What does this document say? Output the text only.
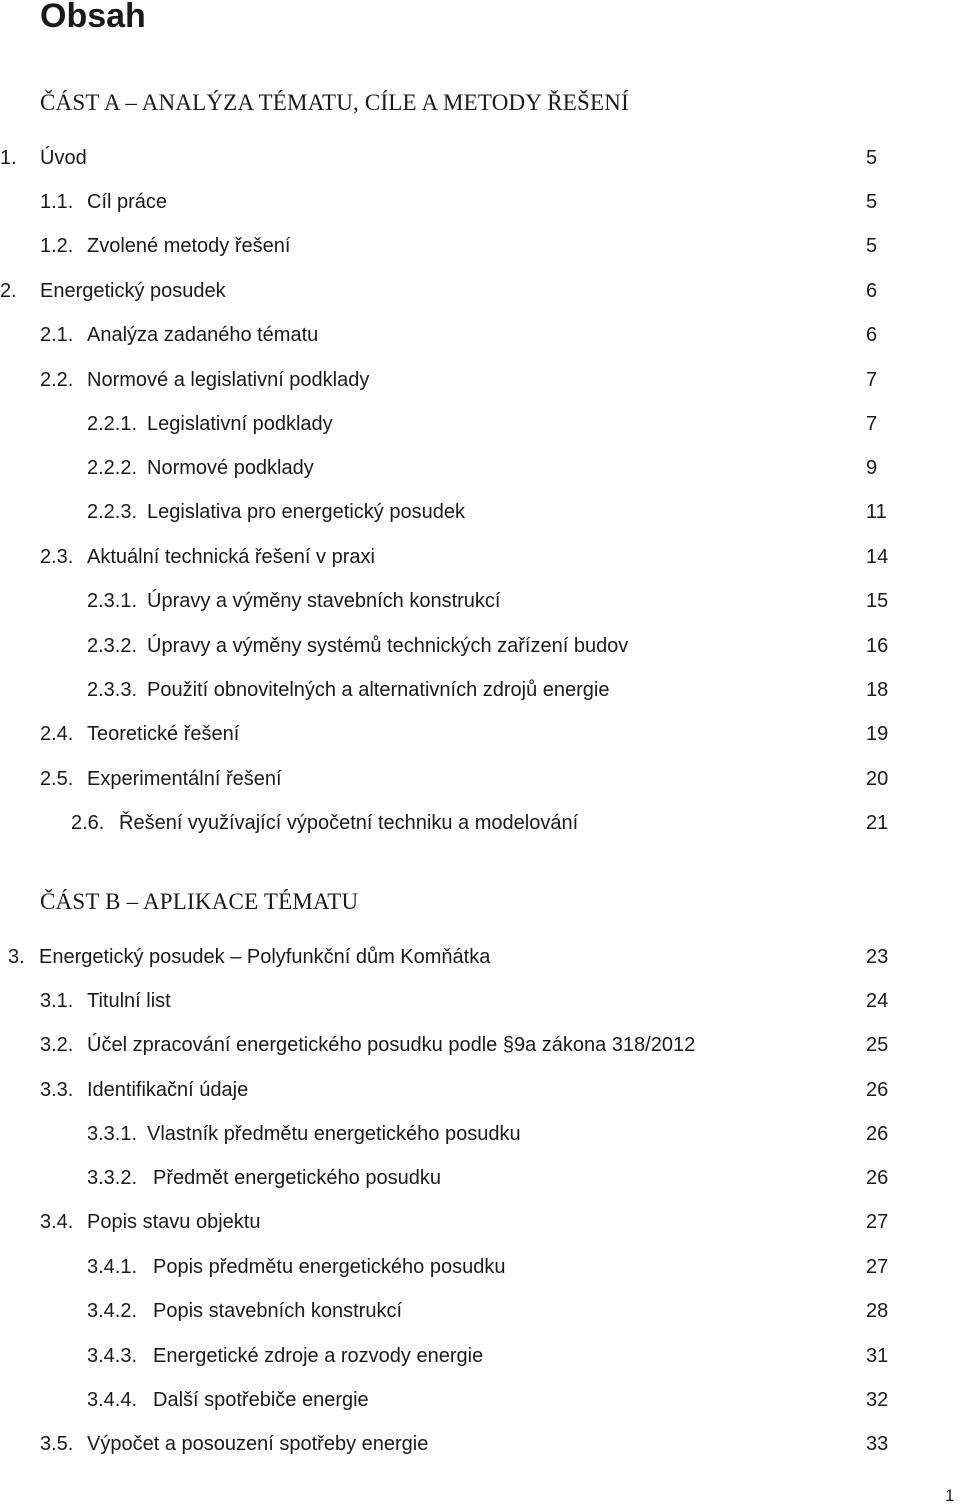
Obsah
ČÁST A – ANALÝZA TÉMATU, CÍLE A METODY ŘEŠENÍ
1. Úvod	5
1.1. Cíl práce	5
1.2. Zvolené metody řešení	5
2. Energetický posudek	6
2.1. Analýza zadaného tématu	6
2.2. Normové a legislativní podklady	7
2.2.1. Legislativní podklady	7
2.2.2. Normové podklady	9
2.2.3. Legislativa pro energetický posudek	11
2.3. Aktuální technická řešení v praxi	14
2.3.1. Úpravy a výměny stavebních konstrukcí	15
2.3.2. Úpravy a výměny systémů technických zařízení budov	16
2.3.3. Použití obnovitelných a alternativních zdrojů energie	18
2.4. Teoretické řešení	19
2.5. Experimentální řešení	20
2.6. Řešení využívající výpočetní techniku a modelování	21
ČÁST B – APLIKACE TÉMATU
3. Energetický posudek – Polyfunkční dům Komňátka	23
3.1. Titulní list	24
3.2. Účel zpracování energetického posudku podle §9a zákona 318/2012	25
3.3. Identifikační údaje	26
3.3.1. Vlastník předmětu energetického posudku	26
3.3.2. Předmět energetického posudku	26
3.4. Popis stavu objektu	27
3.4.1. Popis předmětu energetického posudku	27
3.4.2. Popis stavebních konstrukcí	28
3.4.3. Energetické zdroje a rozvody energie	31
3.4.4. Další spotřebiče energie	32
3.5. Výpočet a posouzení spotřeby energie	33
1
